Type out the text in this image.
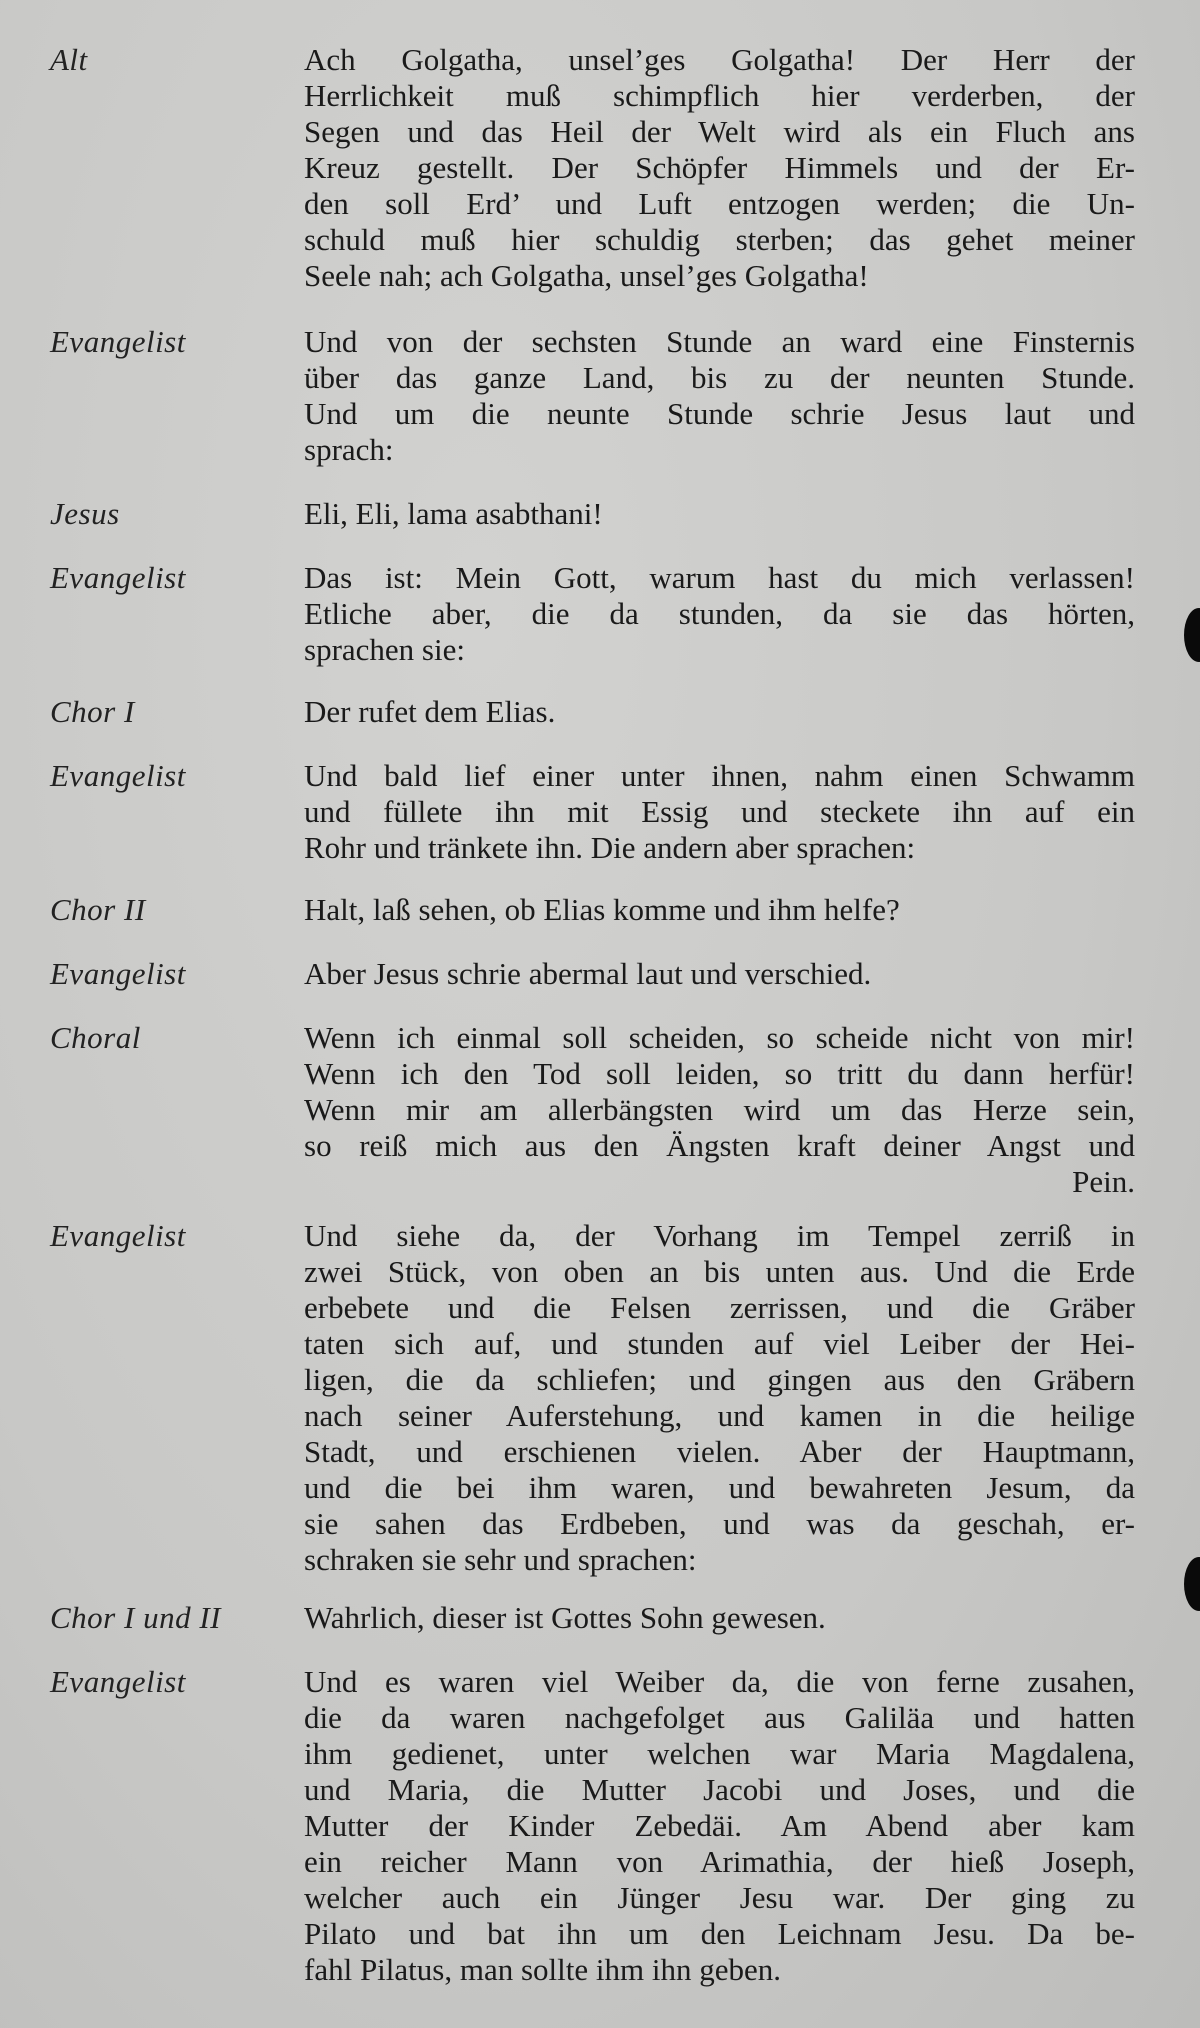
Alt	Ach Golgatha, unsel’ges Golgatha! Der Herr der
Herrlichkeit muß schimpflich hier verderben, der
Segen und das Heil der Welt wird als ein Fluch ans
Kreuz gestellt. Der Schöpfer Himmels und der Er-
den soll Erd’ und Luft entzogen werden; die Un-
schuld muß hier schuldig sterben; das gehet meiner
Seele nah; ach Golgatha, unsel’ges Golgatha!
Evangelist	Und von der sechsten Stunde an ward eine Finsternis
über das ganze Land, bis zu der neunten Stunde.
Und um die neunte Stunde schrie Jesus laut und
sprach:
Jesus	Eli, Eli, lama asabthani!
Evangelist	Das ist: Mein Gott, warum hast du mich verlassen!
Etliche aber, die da stunden, da sie das hörten,
sprachen sie:
Chor I	Der rufet dem Elias.
Evangelist	Und bald lief einer unter ihnen, nahm einen Schwamm
und füllete ihn mit Essig und steckete ihn auf ein
Rohr und tränkete ihn. Die andern aber sprachen:
Chor II	Halt, laß sehen, ob Elias komme und ihm helfe?
Evangelist	Aber Jesus schrie abermal laut und verschied.
Choral	Wenn ich einmal soll scheiden, so scheide nicht von mir!
Wenn ich den Tod soll leiden, so tritt du dann herfür!
Wenn mir am allerbängsten wird um das Herze sein,
so reiß mich aus den Ängsten kraft deiner Angst und
Pein.
Evangelist	Und siehe da, der Vorhang im Tempel zerriß in
zwei Stück, von oben an bis unten aus. Und die Erde
erbebete und die Felsen zerrissen, und die Gräber
taten sich auf, und stunden auf viel Leiber der Hei-
ligen, die da schliefen; und gingen aus den Gräbern
nach seiner Auferstehung, und kamen in die heilige
Stadt, und erschienen vielen. Aber der Hauptmann,
und die bei ihm waren, und bewahreten Jesum, da
sie sahen das Erdbeben, und was da geschah, er-
schraken sie sehr und sprachen:
Chor I und II	Wahrlich, dieser ist Gottes Sohn gewesen.
Evangelist	Und es waren viel Weiber da, die von ferne zusahen,
die da waren nachgefolget aus Galiläa und hatten
ihm gedienet, unter welchen war Maria Magdalena,
und Maria, die Mutter Jacobi und Joses, und die
Mutter der Kinder Zebedäi. Am Abend aber kam
ein reicher Mann von Arimathia, der hieß Joseph,
welcher auch ein Jünger Jesu war. Der ging zu
Pilato und bat ihn um den Leichnam Jesu. Da be-
fahl Pilatus, man sollte ihm ihn geben.
